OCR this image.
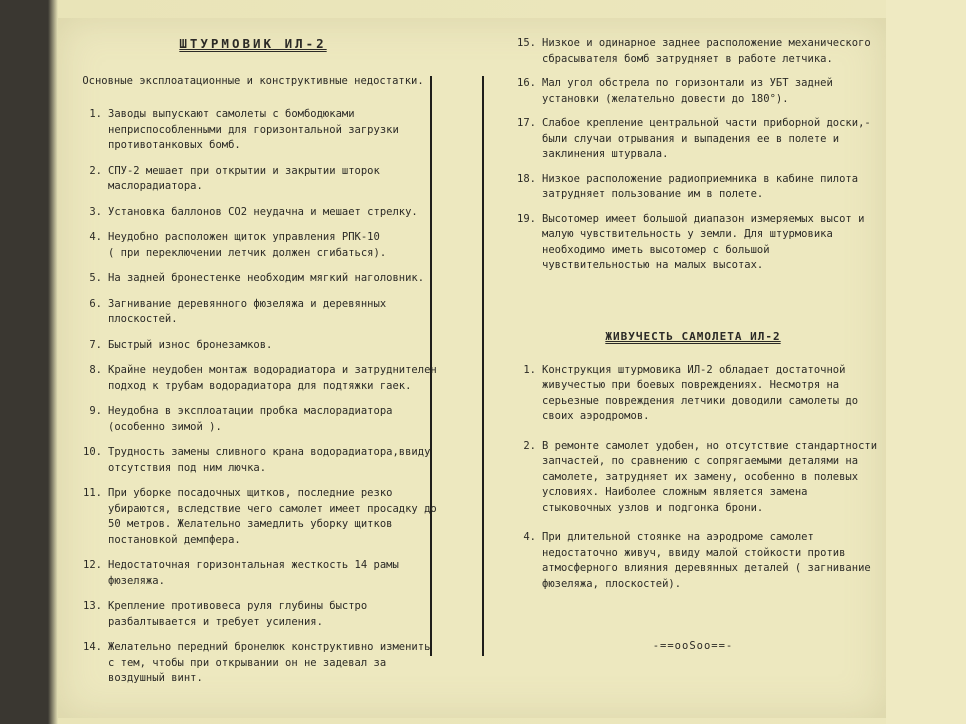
ШТУРМОВИК ИЛ-2
Основные эксплоатационные и конструктивные недостатки.
1. Заводы выпускают самолеты с бомбодюками неприспособленными для горизонтальной загрузки
противотанковых бомб.
2. СПУ-2 мешает при открытии и закрытии шторок маслорадиатора.
3. Установка баллонов CO2 неудачна и мешает стрелку.
4. Неудобно расположен щиток управления РПК-10
( при переключении летчик должен сгибаться).
5. На задней бронестенке необходим мягкий наголовник.
6. Загнивание деревянного фюзеляжа и деревянных плоскостей.
7. Быстрый износ бронезамков.
8. Крайне неудобен монтаж водорадиатора и затруднителен подход к трубам водорадиатора для подтяжки гаек.
9. Неудобна в эксплоатации пробка маслорадиатора (особенно зимой ).
10. Трудность замены сливного крана водорадиатора,ввиду отсутствия под ним лючка.
11. При уборке посадочных щитков, последние резко убираются, вследствие чего самолет имеет просадку до 50 метров. Желательно замедлить уборку щитков постановкой демпфера.
12. Недостаточная горизонтальная жесткость 14 рамы фюзеляжа.
13. Крепление противовеса руля глубины быстро разбалтывается и требует усиления.
14. Желательно передний бронелюк конструктивно изменить с тем, чтобы при открывании он не задевал за воздушный винт.
15. Низкое и одинарное заднее расположение механического сбрасывателя бомб затрудняет в работе летчика.
16. Мал угол обстрела по горизонтали из УБТ задней установки (желательно довести до 180°).
17. Слабое крепление центральной части приборной доски,- были случаи отрывания и выпадения ее в полете и заклинения штурвала.
18. Низкое расположение радиоприемника в кабине пилота затрудняет пользование им в полете.
19. Высотомер имеет большой диапазон измеряемых высот и малую чувствительность у земли. Для штурмовика необходимо иметь высотомер с большой чувствительностью на малых высотах.
ЖИВУЧЕСТЬ САМОЛЕТА ИЛ-2
1. Конструкция штурмовика ИЛ-2 обладает достаточной живучестью при боевых повреждениях. Несмотря на серьезные повреждения летчики доводили самолеты до своих аэродромов.
2. В ремонте самолет удобен, но отсутствие стандартности запчастей, по сравнению с сопрягаемыми деталями на самолете, затрудняет их замену, особенно в полевых условиях. Наиболее сложным является замена стыковочных узлов и подгонка брони.
4. При длительной стоянке на аэродроме самолет недостаточно живуч, ввиду малой стойкости против атмосферного влияния деревянных деталей ( загнивание фюзеляжа, плоскостей).
-==ооSоо==-
